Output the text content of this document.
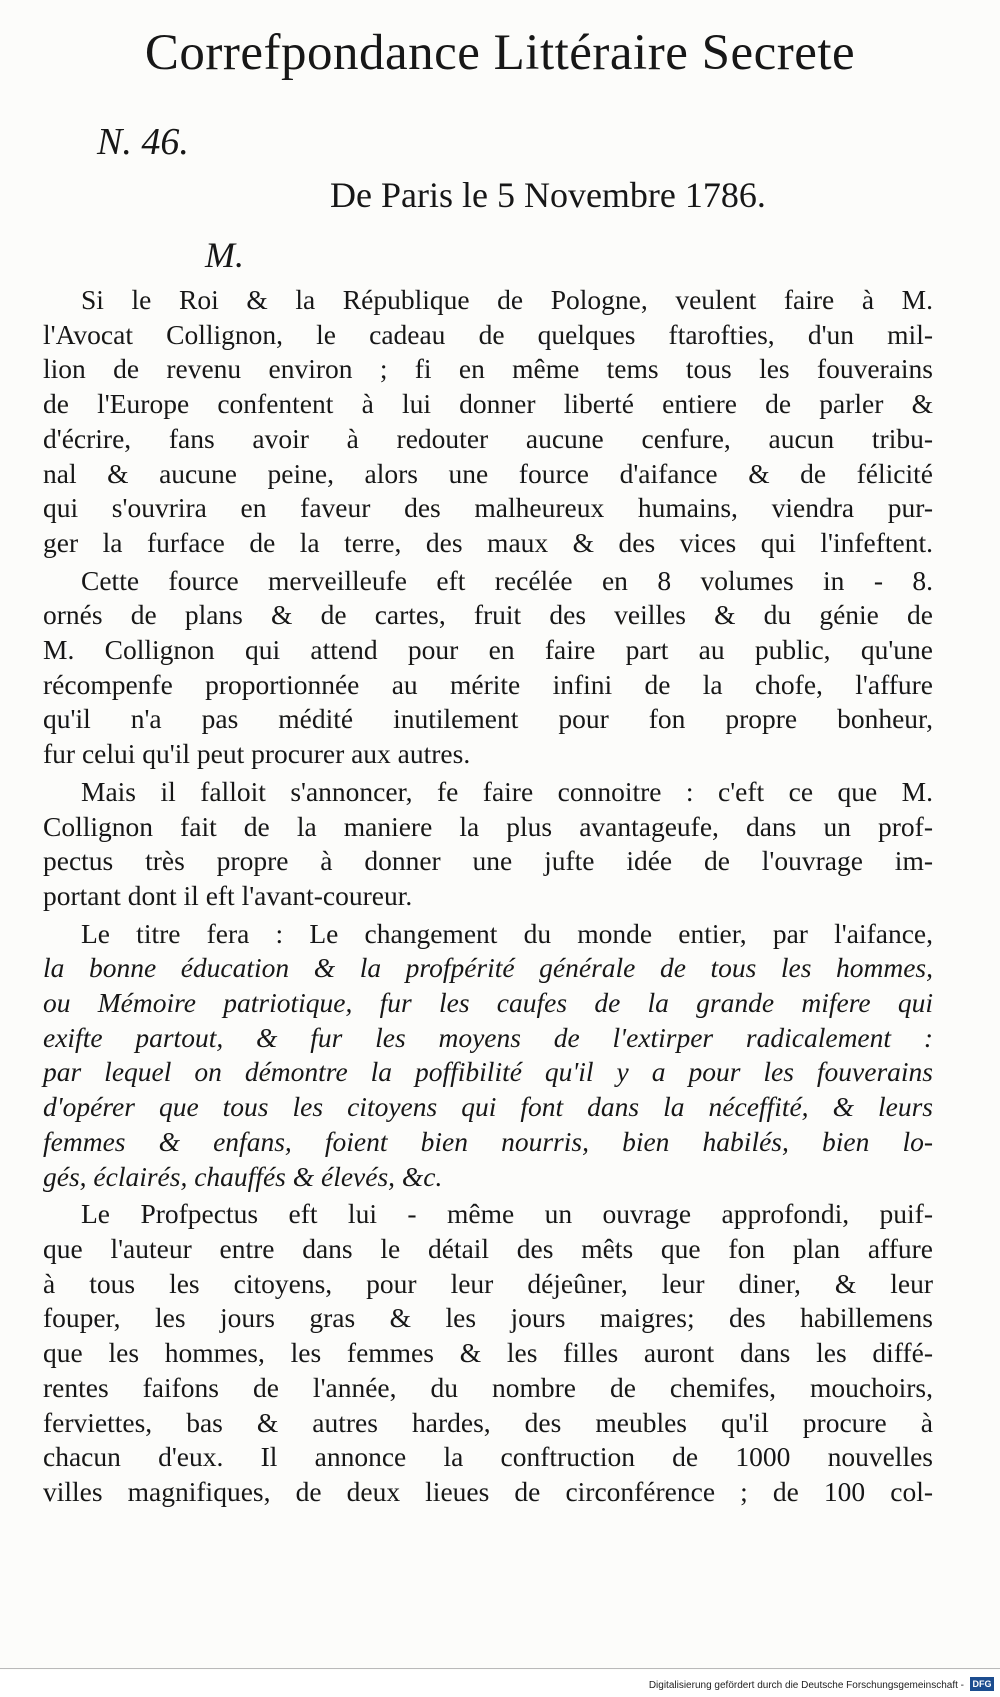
Correfpondance Littéraire Secrete
N. 46.
De Paris le 5 Novembre 1786.
M.
Si le Roi & la République de Pologne, veulent faire à M.
l'Avocat Collignon, le cadeau de quelques ftarofties, d'un mil-
lion de revenu environ ; fi en même tems tous les fouverains
de l'Europe confentent à lui donner liberté entiere de parler &
d'écrire, fans avoir à redouter aucune cenfure, aucun tribu-
nal & aucune peine, alors une fource d'aifance & de félicité
qui s'ouvrira en faveur des malheureux humains, viendra pur-
ger la furface de la terre, des maux & des vices qui l'infeftent.
Cette fource merveilleufe eft recélée en 8 volumes in - 8.
ornés de plans & de cartes, fruit des veilles & du génie de
M. Collignon qui attend pour en faire part au public, qu'une
récompenfe proportionnée au mérite infini de la chofe, l'affure
qu'il n'a pas médité inutilement pour fon propre bonheur,
fur celui qu'il peut procurer aux autres.
Mais il falloit s'annoncer, fe faire connoitre : c'eft ce que M.
Collignon fait de la maniere la plus avantageufe, dans un prof-
pectus très propre à donner une jufte idée de l'ouvrage im-
portant dont il eft l'avant-coureur.
Le titre fera : Le changement du monde entier, par l'aifance,
la bonne éducation & la profpérité générale de tous les hommes,
ou Mémoire patriotique, fur les caufes de la grande mifere qui
exifte partout, & fur les moyens de l'extirper radicalement :
par lequel on démontre la poffibilité qu'il y a pour les fouverains
d'opérer que tous les citoyens qui font dans la néceffité, & leurs
femmes & enfans, foient bien nourris, bien habilés, bien lo-
gés, éclairés, chauffés & élevés, &c.
Le Profpectus eft lui - même un ouvrage approfondi, puif-
que l'auteur entre dans le détail des mêts que fon plan affure
à tous les citoyens, pour leur déjeûner, leur diner, & leur
fouper, les jours gras & les jours maigres; des habillemens
que les hommes, les femmes & les filles auront dans les diffé-
rentes faifons de l'année, du nombre de chemifes, mouchoirs,
ferviettes, bas & autres hardes, des meubles qu'il procure à
chacun d'eux. Il annonce la conftruction de 1000 nouvelles
villes magnifiques, de deux lieues de circonférence ; de 100 col-
Digitalisierung gefördert durch die Deutsche Forschungsgemeinschaft - DFG
